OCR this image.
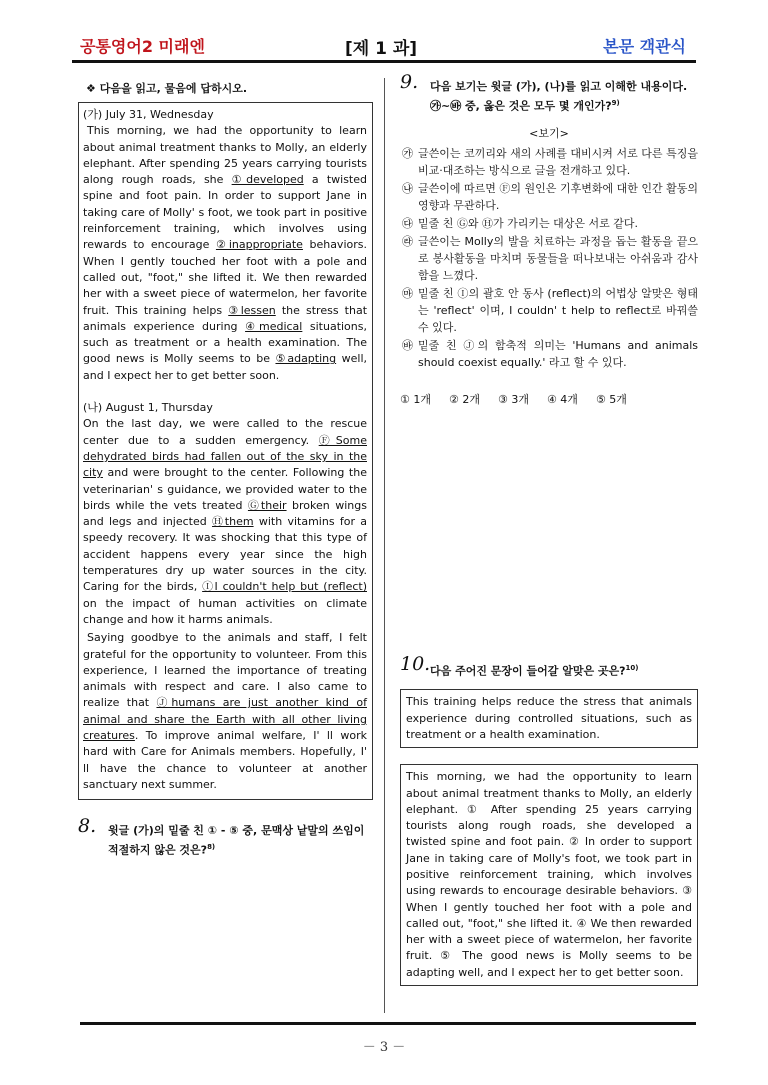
공통영어2 미래엔	[제 1 과]	본문 객관식
❖ 다음을 읽고, 물음에 답하시오.

(가) July 31, Wednesday

This morning, we had the opportunity to learn about animal treatment thanks to Molly, an elderly elephant. After spending 25 years carrying tourists along rough roads, she ①developed a twisted spine and foot pain. In order to support Jane in taking care of Molly' s foot, we took part in positive reinforcement training, which involves using rewards to encourage ②inappropriate behaviors. When I gently touched her foot with a pole and called out, "foot," she lifted it. We then rewarded her with a sweet piece of watermelon, her favorite fruit. This training helps ③lessen the stress that animals experience during ④medical situations, such as treatment or a health examination. The good news is Molly seems to be ⑤adapting well, and I expect her to get better soon.

(나) August 1, Thursday

On the last day, we were called to the rescue center due to a sudden emergency. ⒻSome dehydrated birds had fallen out of the sky in the city and were brought to the center. Following the veterinarian' s guidance, we provided water to the birds while the vets treated Ⓖtheir broken wings and legs and injected Ⓗthem with vitamins for a speedy recovery. It was shocking that this type of accident happens every year since the high temperatures dry up water sources in the city. Caring for the birds, ⒾI couldn't help but (reflect) on the impact of human activities on climate change and how it harms animals.

Saying goodbye to the animals and staff, I felt grateful for the opportunity to volunteer. From this experience, I learned the importance of treating animals with respect and care. I also came to realize that Ⓙhumans are just another kind of animal and share the Earth with all other living creatures. To improve animal welfare, I' ll work hard with Care for Animals members. Hopefully, I' ll have the chance to volunteer at another sanctuary next summer.

8. 윗글 (가)의 밑줄 친 ① - ⑤ 중, 문맥상 낱말의 쓰임이 적절하지 않은 것은?$^{8)}$
9. 다음 보기는 윗글 (가), (나)를 읽고 이해한 내용이다. ㉮~㉳ 중, 옳은 것은 모두 몇 개인가?$^{9)}$
<보기>
㉮ 글쓴이는 코끼리와 새의 사례를 대비시켜 서로 다른 특징을 비교·대조하는 방식으로 글을 전개하고 있다.
㉯ 글쓴이에 따르면 Ⓕ의 원인은 기후변화에 대한 인간 활동의 영향과 무관하다.
㉰ 밑줄 친 Ⓖ와 Ⓗ가 가리키는 대상은 서로 같다.
㉱ 글쓴이는 Molly의 발을 치료하는 과정을 돕는 활동을 끝으로 봉사활동을 마치며 동물들을 떠나보내는 아쉬움과 감사함을 느꼈다.
㉲ 밑줄 친 Ⓘ의 괄호 안 동사 (reflect)의 어법상 알맞은 형태는 'reflect' 이며, I couldn' t help to reflect로 바꿔쓸 수 있다.
㉳ 밑줄 친 Ⓙ의 함축적 의미는 'Humans and animals should coexist equally.' 라고 할 수 있다.
① 1개 ② 2개 ③ 3개 ④ 4개 ⑤ 5개
10. 다음 주어진 문장이 들어갈 알맞은 곳은?$^{10)}$
This training helps reduce the stress that animals experience during controlled situations, such as treatment or a health examination.
This morning, we had the opportunity to learn about animal treatment thanks to Molly, an elderly elephant. ① After spending 25 years carrying tourists along rough roads, she developed a twisted spine and foot pain. ② In order to support Jane in taking care of Molly's foot, we took part in positive reinforcement training, which involves using rewards to encourage desirable behaviors. ③ When I gently touched her foot with a pole and called out, "foot," she lifted it. ④ We then rewarded her with a sweet piece of watermelon, her favorite fruit. ⑤ The good news is Molly seems to be adapting well, and I expect her to get better soon.
－ 3 －
